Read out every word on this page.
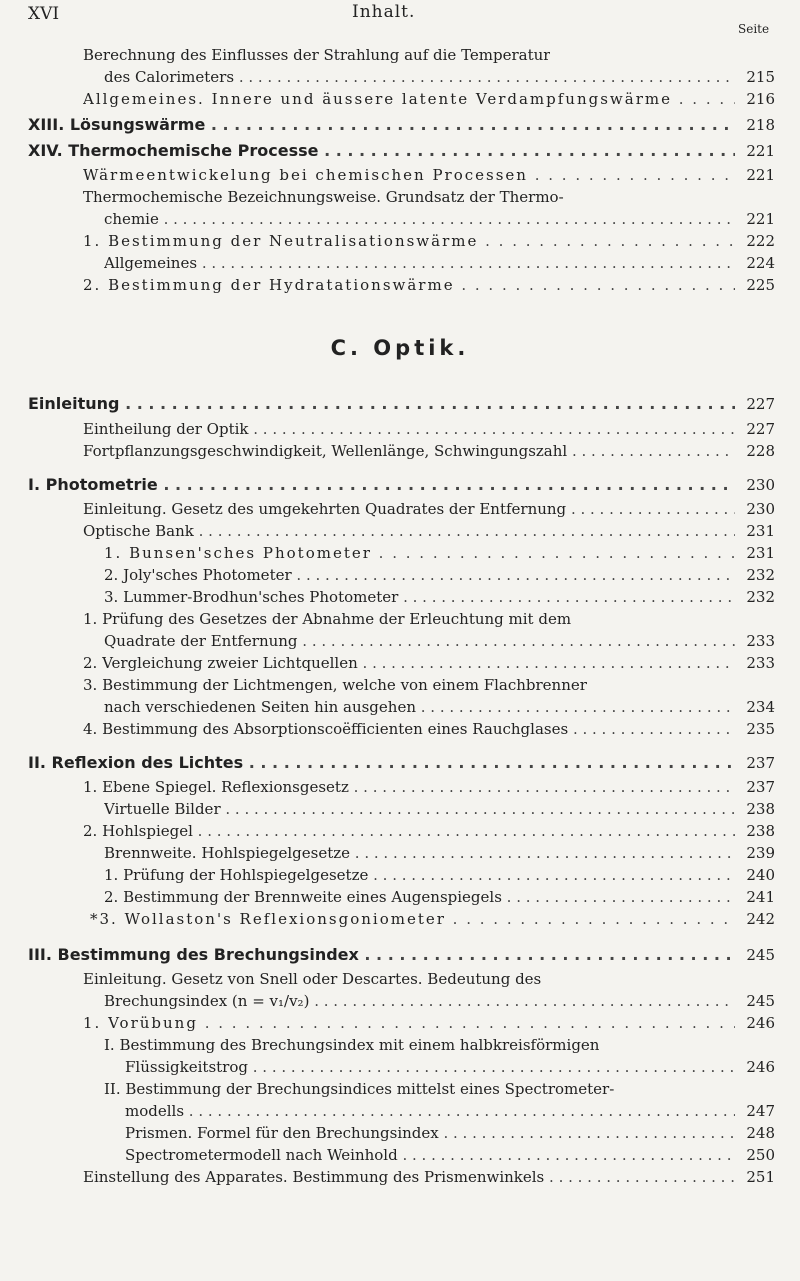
XVI	Inhalt.
Seite
Berechnung des Einflusses der Strahlung auf die Temperatur
des Calorimeters . . .	215
Allgemeines. Innere und äussere latente Verdampfungswärme . . .	216
XIII. Lösungswärme . . .	218
XIV. Thermochemische Processe . . .	221
Wärmeentwickelung bei chemischen Processen . . .	221
Thermochemische Bezeichnungsweise. Grundsatz der Thermo-
chemie . . .	221
1. Bestimmung der Neutralisationswärme . . .	222
Allgemeines . . .	224
2. Bestimmung der Hydratationswärme . . .	225
C. Optik.
Einleitung . . .	227
Eintheilung der Optik . . .	227
Fortpflanzungsgeschwindigkeit, Wellenlänge, Schwingungszahl . . .	228
I. Photometrie . . .	230
Einleitung. Gesetz des umgekehrten Quadrates der Entfernung . . .	230
Optische Bank . . .	231
1. Bunsen'sches Photometer . . .	231
2. Joly'sches Photometer . . .	232
3. Lummer-Brodhun'sches Photometer . . .	232
1. Prüfung des Gesetzes der Abnahme der Erleuchtung mit dem
Quadrate der Entfernung . . .	233
2. Vergleichung zweier Lichtquellen . . .	233
3. Bestimmung der Lichtmengen, welche von einem Flachbrenner
nach verschiedenen Seiten hin ausgehen . . .	234
4. Bestimmung des Absorptionscoëfficienten eines Rauchglases . . .	235
II. Reflexion des Lichtes . . .	237
1. Ebene Spiegel. Reflexionsgesetz . . .	237
Virtuelle Bilder . . .	238
2. Hohlspiegel . . .	238
Brennweite. Hohlspiegelgesetze . . .	239
1. Prüfung der Hohlspiegelgesetze . . .	240
2. Bestimmung der Brennweite eines Augenspiegels . . .	241
*3. Wollaston's Reflexionsgoniometer . . .	242
III. Bestimmung des Brechungsindex . . .	245
Einleitung. Gesetz von Snell oder Descartes. Bedeutung des
Brechungsindex (n = v₁/v₂) . . .	245
1. Vorübung . . .	246
I. Bestimmung des Brechungsindex mit einem halbkreisförmigen
Flüssigkeitstrog . . .	246
II. Bestimmung der Brechungsindices mittelst eines Spectrometer-
modells . . .	247
Prismen. Formel für den Brechungsindex . . .	248
Spectrometermodell nach Weinhold . . .	250
Einstellung des Apparates. Bestimmung des Prismenwinkels . . .	251
